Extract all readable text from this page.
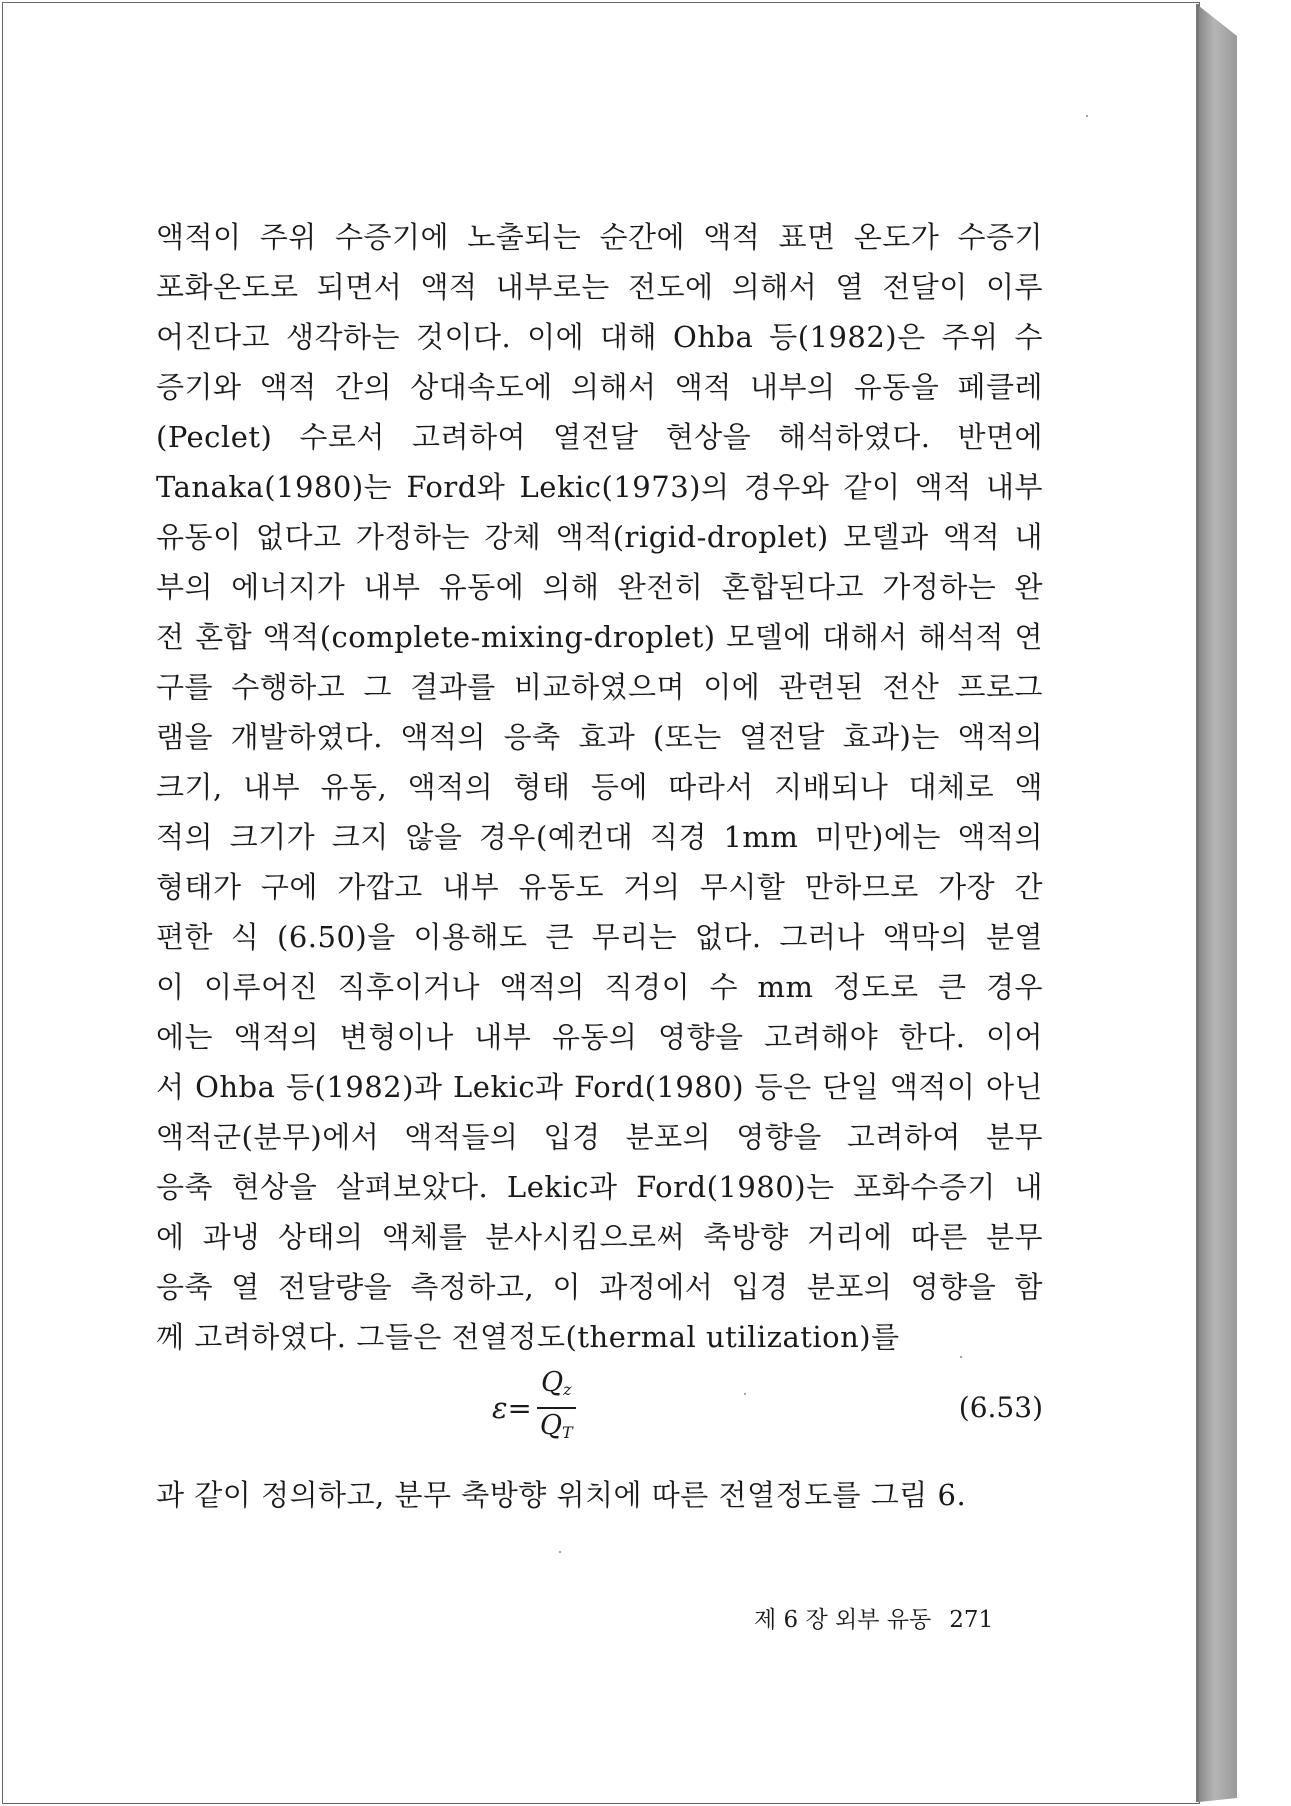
액적이 주위 수증기에 노출되는 순간에 액적 표면 온도가 수증기
포화온도로 되면서 액적 내부로는 전도에 의해서 열 전달이 이루
어진다고 생각하는 것이다. 이에 대해 Ohba 등(1982)은 주위 수
증기와 액적 간의 상대속도에 의해서 액적 내부의 유동을 페클레
(Peclet) 수로서 고려하여 열전달 현상을 해석하였다. 반면에
Tanaka(1980)는 Ford와 Lekic(1973)의 경우와 같이 액적 내부
유동이 없다고 가정하는 강체 액적(rigid-droplet) 모델과 액적 내
부의 에너지가 내부 유동에 의해 완전히 혼합된다고 가정하는 완
전 혼합 액적(complete-mixing-droplet) 모델에 대해서 해석적 연
구를 수행하고 그 결과를 비교하였으며 이에 관련된 전산 프로그
램을 개발하였다. 액적의 응축 효과 (또는 열전달 효과)는 액적의
크기, 내부 유동, 액적의 형태 등에 따라서 지배되나 대체로 액
적의 크기가 크지 않을 경우(예컨대 직경 1mm 미만)에는 액적의
형태가 구에 가깝고 내부 유동도 거의 무시할 만하므로 가장 간
편한 식 (6.50)을 이용해도 큰 무리는 없다. 그러나 액막의 분열
이 이루어진 직후이거나 액적의 직경이 수 mm 정도로 큰 경우
에는 액적의 변형이나 내부 유동의 영향을 고려해야 한다. 이어
서 Ohba 등(1982)과 Lekic과 Ford(1980) 등은 단일 액적이 아닌
액적군(분무)에서 액적들의 입경 분포의 영향을 고려하여 분무
응축 현상을 살펴보았다. Lekic과 Ford(1980)는 포화수증기 내
에 과냉 상태의 액체를 분사시킴으로써 축방향 거리에 따른 분무
응축 열 전달량을 측정하고, 이 과정에서 입경 분포의 영향을 함
께 고려하였다. 그들은 전열정도(thermal utilization)를
$\varepsilon= \frac{Q_z}{Q_T}$	(6.53)
과 같이 정의하고, 분무 축방향 위치에 따른 전열정도를 그림 6.
제 6 장 외부 유동 271
